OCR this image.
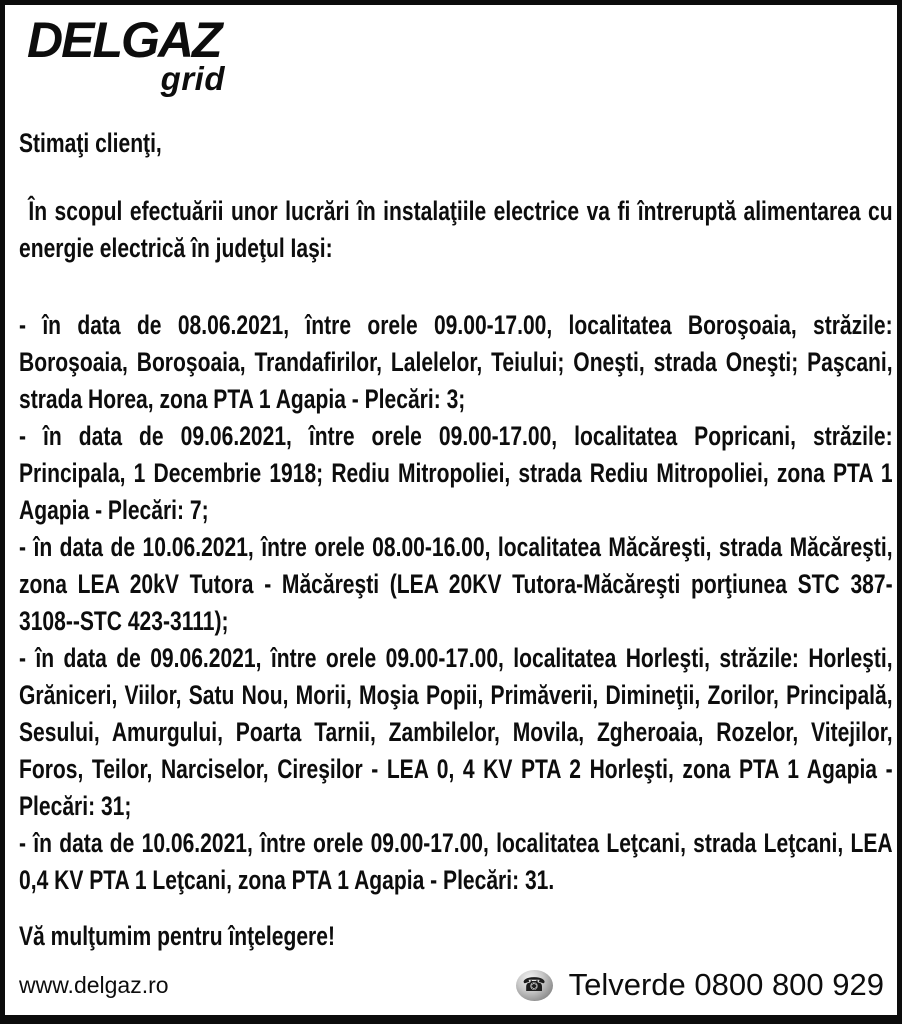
DELGAZ
grid

Stimaţi clienţi,

În scopul efectuării unor lucrări în instalaţiile electrice va fi întreruptă alimentarea cu energie electrică în judeţul Iaşi:

- în data de 08.06.2021, între orele 09.00-17.00, localitatea Boroşoaia, străzile: Boroşoaia, Boroşoaia, Trandafirilor, Lalelelor, Teiului; Oneşti, strada Oneşti; Paşcani, strada Horea, zona PTA 1 Agapia - Plecări: 3;

- în data de 09.06.2021, între orele 09.00-17.00, localitatea Popricani, străzile: Principala, 1 Decembrie 1918; Rediu Mitropoliei, strada Rediu Mitropoliei, zona PTA 1 Agapia - Plecări: 7;

- în data de 10.06.2021, între orele 08.00-16.00, localitatea Măcăreşti, strada Măcăreşti, zona LEA 20kV Tutora - Măcăreşti (LEA 20KV Tutora-Măcăreşti porţiunea STC 387-3108--STC 423-3111);

- în data de 09.06.2021, între orele 09.00-17.00, localitatea Horleşti, străzile: Horleşti, Grăniceri, Viilor, Satu Nou, Morii, Moşia Popii, Primăverii, Dimineţii, Zorilor, Principală, Sesului, Amurgului, Poarta Tarnii, Zambilelor, Movila, Zgheroaia, Rozelor, Vitejilor, Foros, Teilor, Narciselor, Cireşilor - LEA 0, 4 KV PTA 2 Horleşti, zona PTA 1 Agapia - Plecări: 31;

- în data de 10.06.2021, între orele 09.00-17.00, localitatea Leţcani, strada Leţcani, LEA 0,4 KV PTA 1 Leţcani, zona PTA 1 Agapia - Plecări: 31.

Vă mulţumim pentru înţelegere!

www.delgaz.ro ☎	Telverde 0800 800 929
